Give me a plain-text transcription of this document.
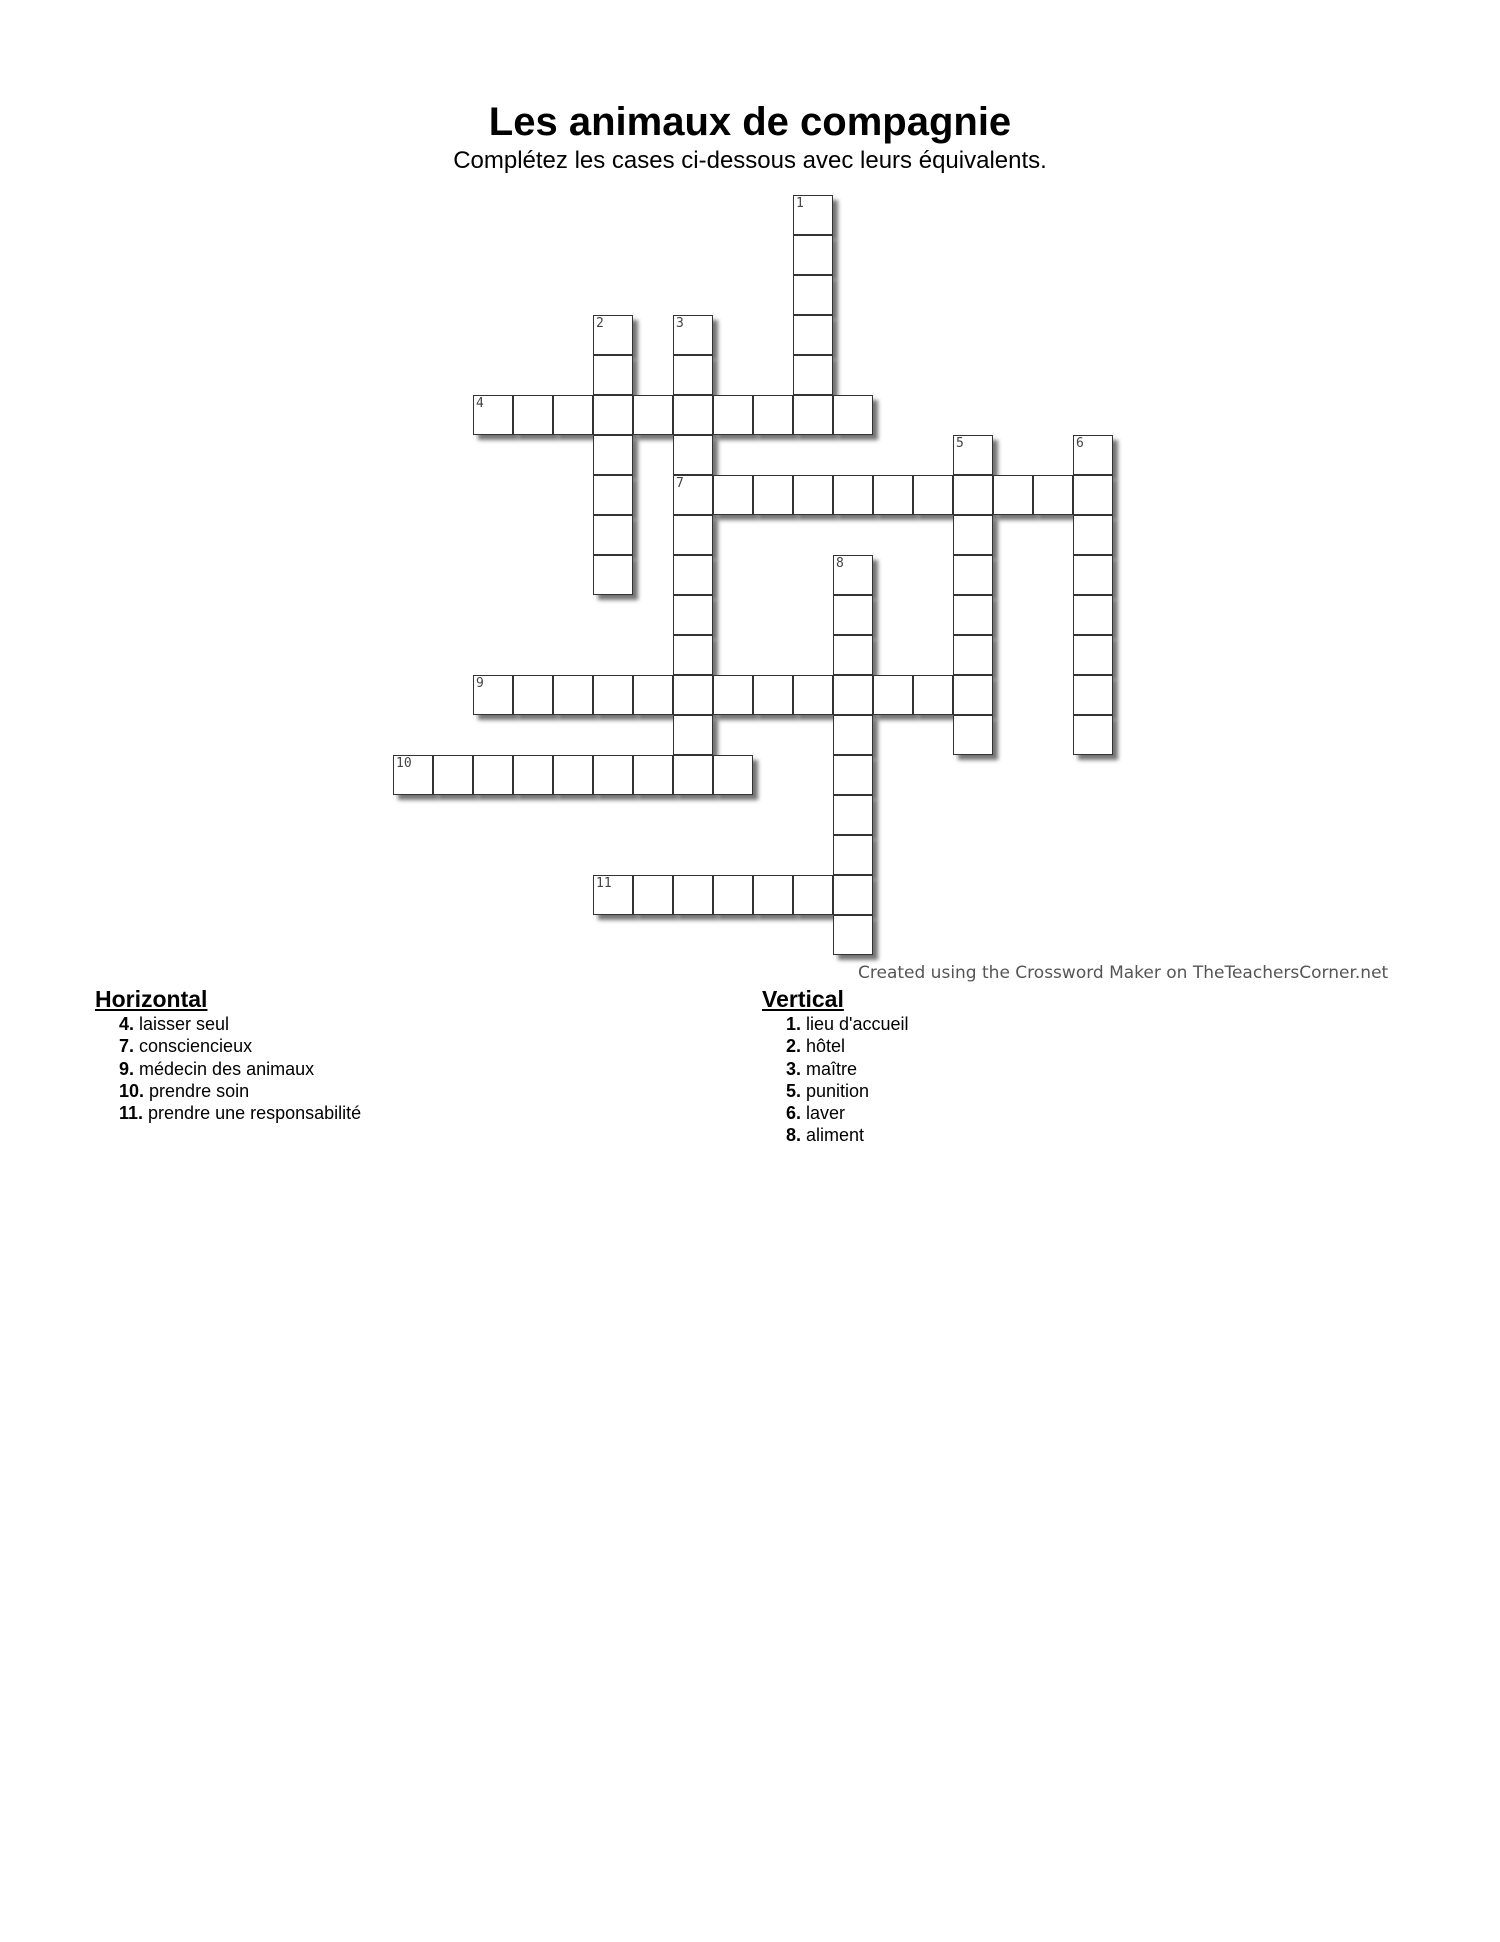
Les animaux de compagnie
Complétez les cases ci-dessous avec leurs équivalents.
1
2	3
7
4
5	6
8
9
10
11
Created using the Crossword Maker on TheTeachersCorner.net
Horizontal
4. laisser seul
7. consciencieux
9. médecin des animaux
10. prendre soin
11. prendre une responsabilité
Vertical
1. lieu d'accueil
2. hôtel
3. maître
5. punition
6. laver
8. aliment
